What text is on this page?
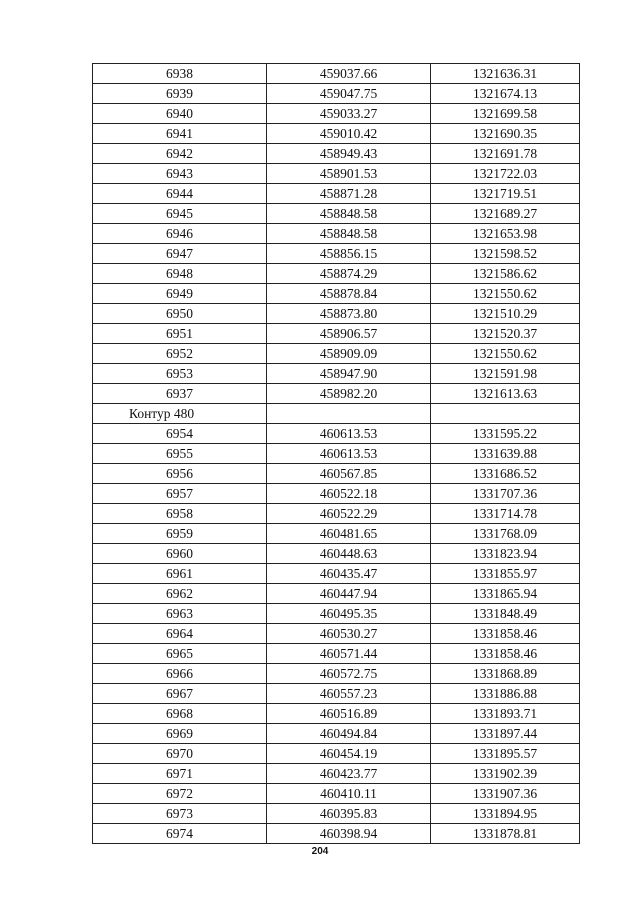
6938	459037.66	1321636.31
6939	459047.75	1321674.13
6940	459033.27	1321699.58
6941	459010.42	1321690.35
6942	458949.43	1321691.78
6943	458901.53	1321722.03
6944	458871.28	1321719.51
6945	458848.58	1321689.27
6946	458848.58	1321653.98
6947	458856.15	1321598.52
6948	458874.29	1321586.62
6949	458878.84	1321550.62
6950	458873.80	1321510.29
6951	458906.57	1321520.37
6952	458909.09	1321550.62
6953	458947.90	1321591.98
6937	458982.20	1321613.63
Контур 480		
6954	460613.53	1331595.22
6955	460613.53	1331639.88
6956	460567.85	1331686.52
6957	460522.18	1331707.36
6958	460522.29	1331714.78
6959	460481.65	1331768.09
6960	460448.63	1331823.94
6961	460435.47	1331855.97
6962	460447.94	1331865.94
6963	460495.35	1331848.49
6964	460530.27	1331858.46
6965	460571.44	1331858.46
6966	460572.75	1331868.89
6967	460557.23	1331886.88
6968	460516.89	1331893.71
6969	460494.84	1331897.44
6970	460454.19	1331895.57
6971	460423.77	1331902.39
6972	460410.11	1331907.36
6973	460395.83	1331894.95
6974	460398.94	1331878.81
204
